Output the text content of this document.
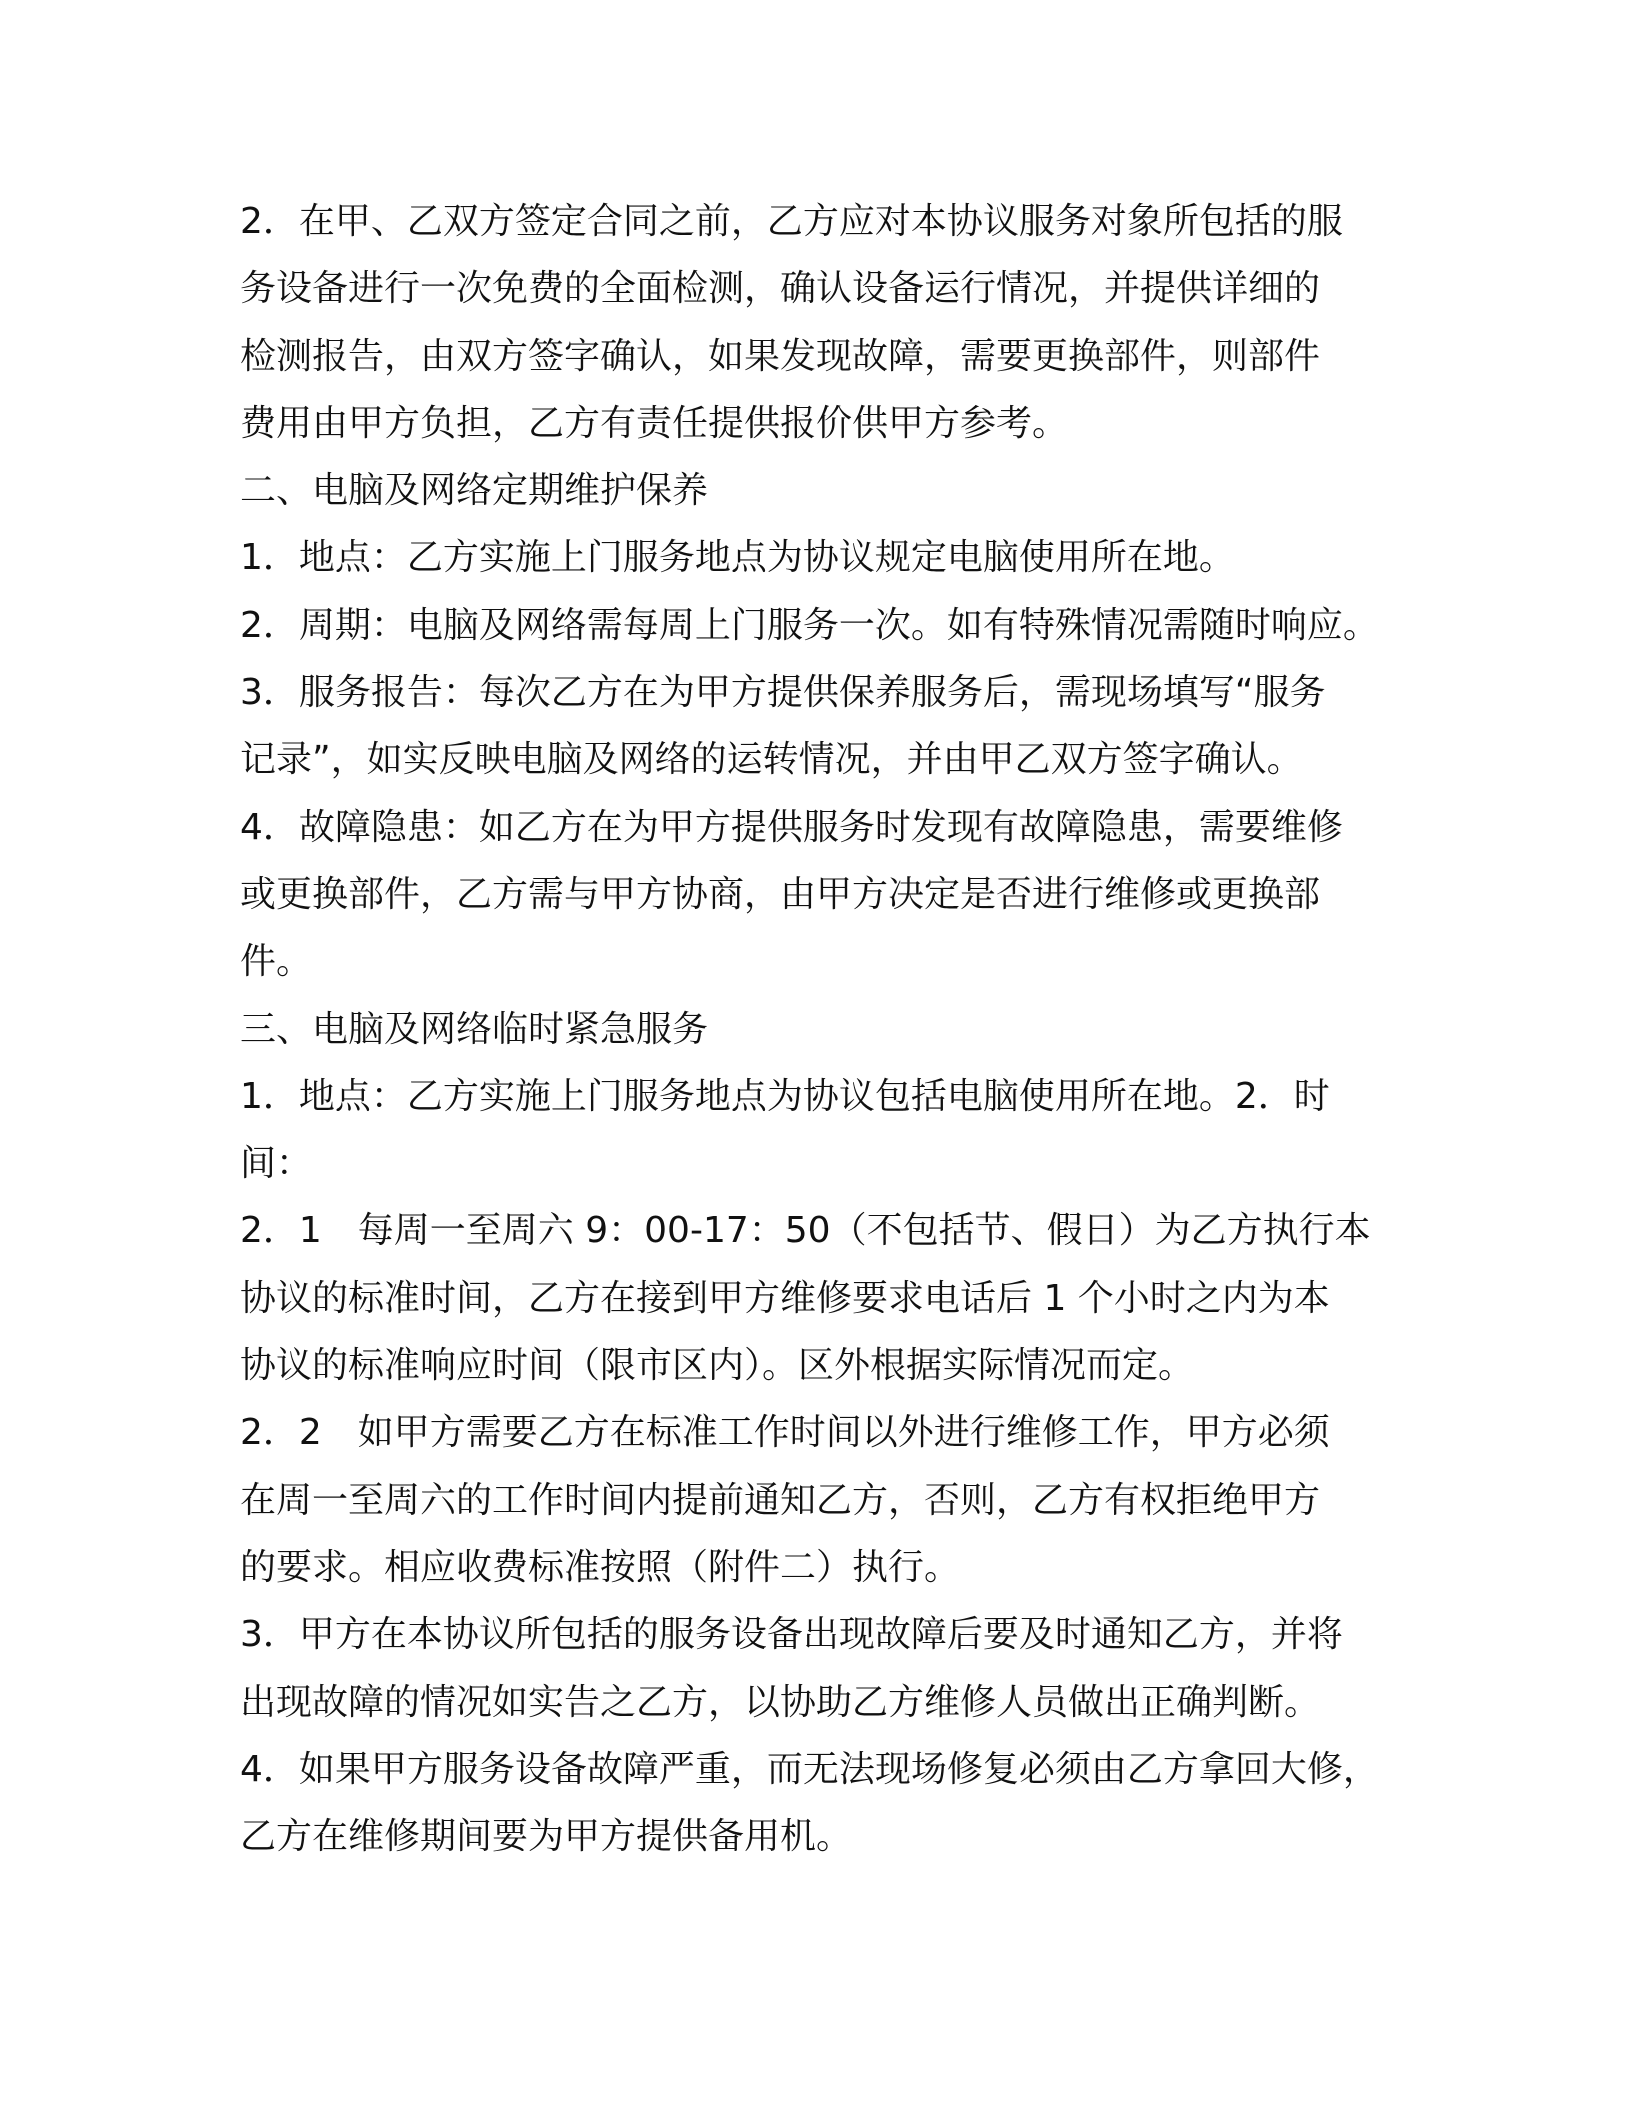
2．在甲、乙双方签定合同之前，乙方应对本协议服务对象所包括的服
务设备进行一次免费的全面检测，确认设备运行情况，并提供详细的
检测报告，由双方签字确认，如果发现故障，需要更换部件，则部件
费用由甲方负担，乙方有责任提供报价供甲方参考。
二、电脑及网络定期维护保养
1．地点：乙方实施上门服务地点为协议规定电脑使用所在地。
2．周期：电脑及网络需每周上门服务一次。如有特殊情况需随时响应。
3．服务报告：每次乙方在为甲方提供保养服务后，需现场填写“服务
记录”，如实反映电脑及网络的运转情况，并由甲乙双方签字确认。
4．故障隐患：如乙方在为甲方提供服务时发现有故障隐患，需要维修
或更换部件，乙方需与甲方协商，由甲方决定是否进行维修或更换部
件。
三、电脑及网络临时紧急服务
1．地点：乙方实施上门服务地点为协议包括电脑使用所在地。2．时
间：
2．1　每周一至周六 9：00-17：50（不包括节、假日）为乙方执行本
协议的标准时间，乙方在接到甲方维修要求电话后 1 个小时之内为本
协议的标准响应时间（限市区内）。区外根据实际情况而定。
2．2　如甲方需要乙方在标准工作时间以外进行维修工作，甲方必须
在周一至周六的工作时间内提前通知乙方，否则，乙方有权拒绝甲方
的要求。相应收费标准按照（附件二）执行。
3．甲方在本协议所包括的服务设备出现故障后要及时通知乙方，并将
出现故障的情况如实告之乙方，以协助乙方维修人员做出正确判断。
4．如果甲方服务设备故障严重，而无法现场修复必须由乙方拿回大修，
乙方在维修期间要为甲方提供备用机。
